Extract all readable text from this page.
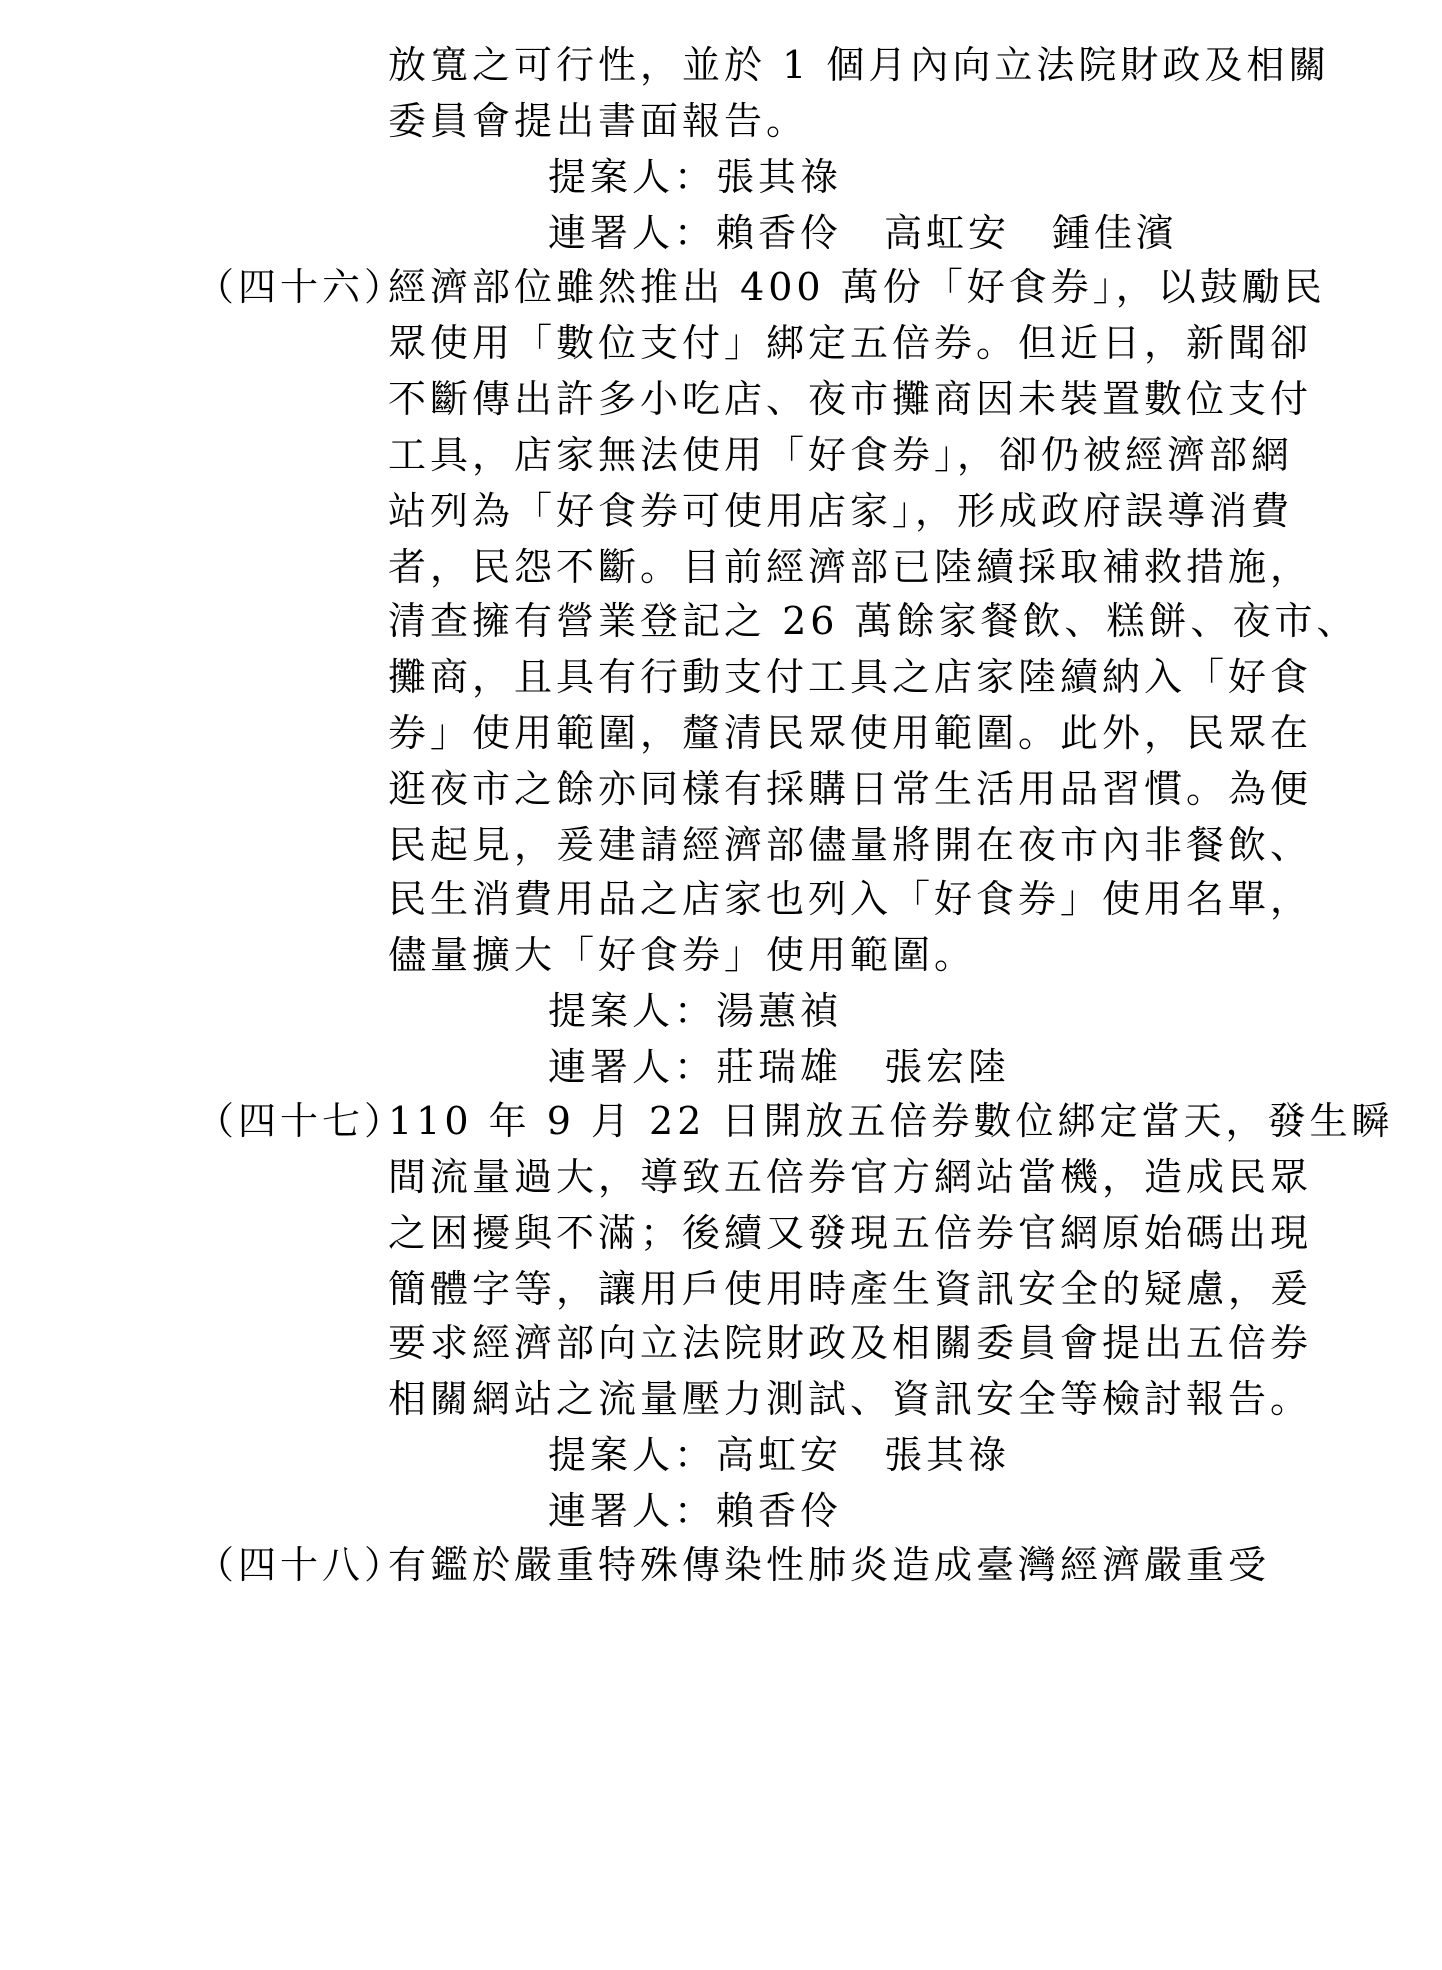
放寬之可行性，並於 1 個月內向立法院財政及相關
委員會提出書面報告。
提案人：張其祿
連署人：賴香伶　高虹安　鍾佳濱
（四十六）
經濟部位雖然推出 400 萬份「好食券」，以鼓勵民
眾使用「數位支付」綁定五倍券。但近日，新聞卻
不斷傳出許多小吃店、夜市攤商因未裝置數位支付
工具，店家無法使用「好食券」，卻仍被經濟部網
站列為「好食券可使用店家」，形成政府誤導消費
者，民怨不斷。目前經濟部已陸續採取補救措施，
清查擁有營業登記之 26 萬餘家餐飲、糕餅、夜市、
攤商，且具有行動支付工具之店家陸續納入「好食
券」使用範圍，釐清民眾使用範圍。此外，民眾在
逛夜市之餘亦同樣有採購日常生活用品習慣。為便
民起見，爰建請經濟部儘量將開在夜市內非餐飲、
民生消費用品之店家也列入「好食券」使用名單，
儘量擴大「好食券」使用範圍。
提案人：湯蕙禎
連署人：莊瑞雄　張宏陸
（四十七）
110 年 9 月 22 日開放五倍券數位綁定當天，發生瞬
間流量過大，導致五倍券官方網站當機，造成民眾
之困擾與不滿；後續又發現五倍券官網原始碼出現
簡體字等，讓用戶使用時產生資訊安全的疑慮，爰
要求經濟部向立法院財政及相關委員會提出五倍券
相關網站之流量壓力測試、資訊安全等檢討報告。
提案人：高虹安　張其祿
連署人：賴香伶
（四十八）
有鑑於嚴重特殊傳染性肺炎造成臺灣經濟嚴重受
